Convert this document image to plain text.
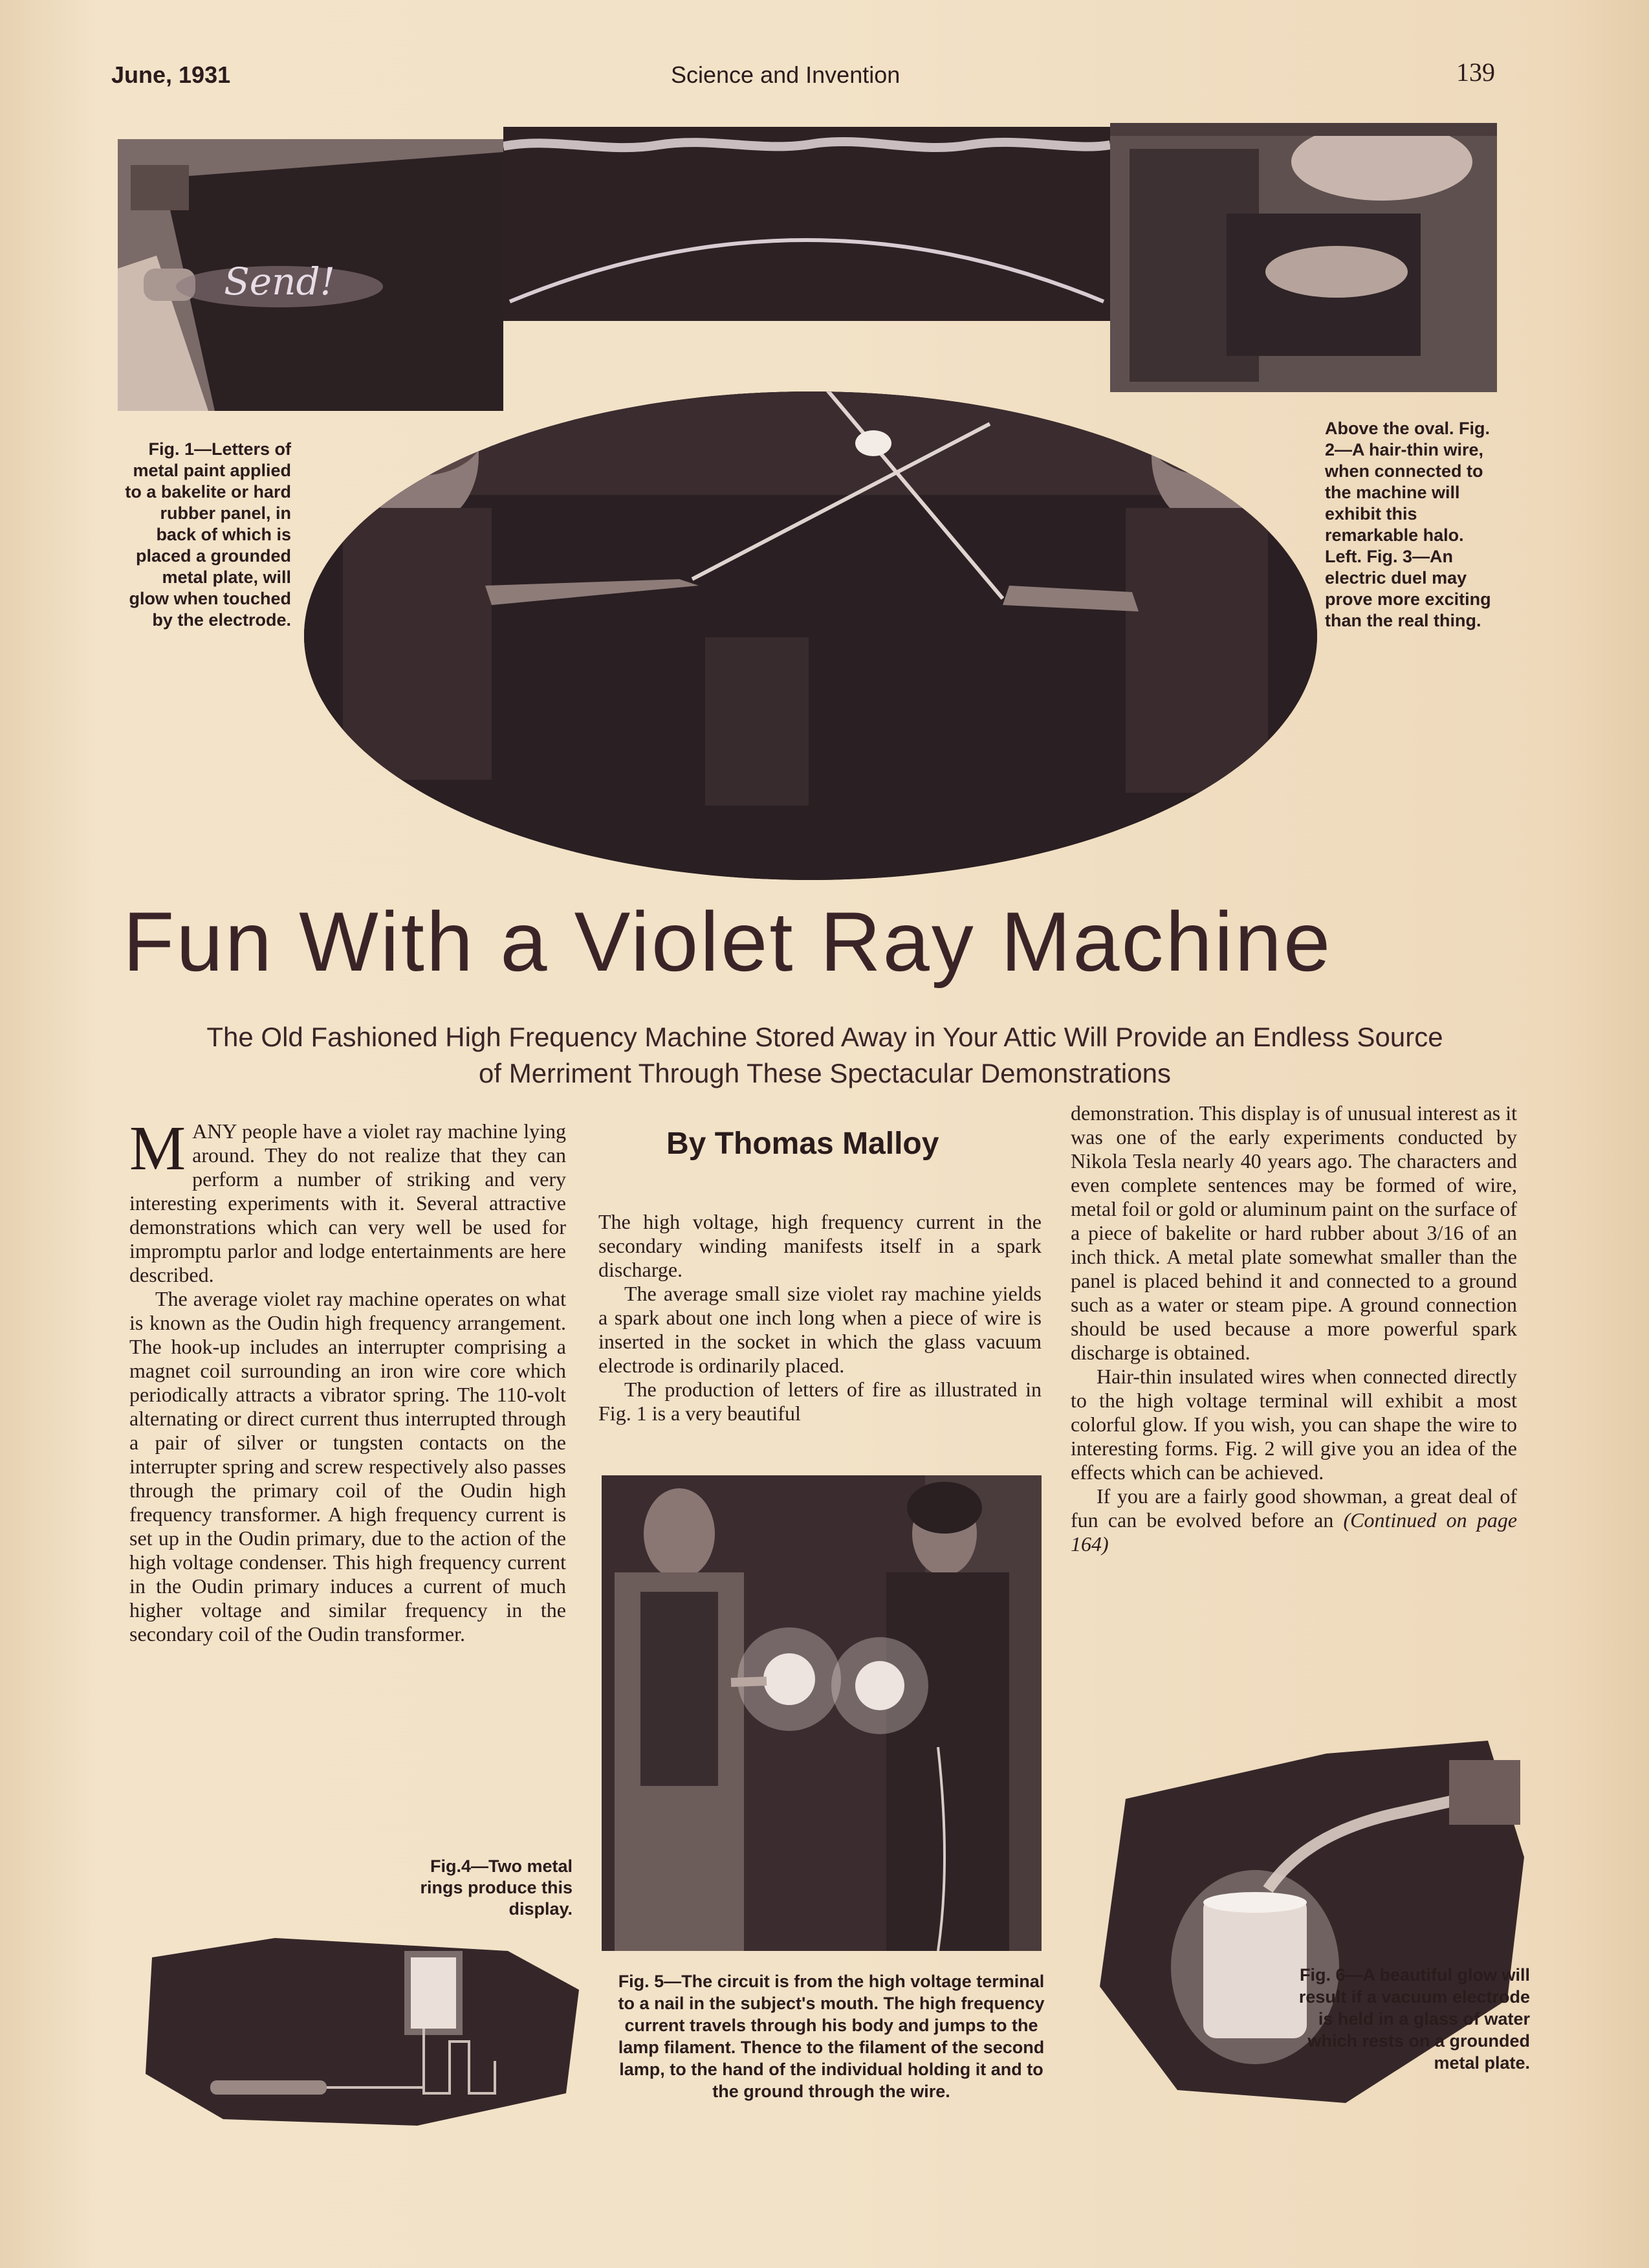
June, 1931	Science and Invention	139
Send!
Fig. 1—Letters of metal paint applied to a bakelite or hard rubber panel, in back of which is placed a grounded metal plate, will glow when touched by the electrode.
Above the oval. Fig. 2—A hair-thin wire, when connected to the machine will exhibit this remarkable halo. Left. Fig. 3—An electric duel may prove more exciting than the real thing.
Fun With a Violet Ray Machine
The Old Fashioned High Frequency Machine Stored Away in Your Attic Will Provide an Endless Source of Merriment Through These Spectacular Demonstrations
By Thomas Malloy

MANY people have a violet ray machine lying around. They do not realize that they can perform a number of striking and very interesting experiments with it. Several attractive demonstrations which can very well be used for impromptu parlor and lodge entertainments are here described.

The average violet ray machine operates on what is known as the Oudin high frequency arrangement. The hook-up includes an interrupter comprising a magnet coil surrounding an iron wire core which periodically attracts a vibrator spring. The 110-volt alternating or direct current thus interrupted through a pair of silver or tungsten contacts on the interrupter spring and screw respectively also passes through the primary coil of the Oudin high frequency transformer. A high frequency current is set up in the Oudin primary, due to the action of the high voltage condenser. This high frequency current in the Oudin primary induces a current of much higher voltage and similar frequency in the secondary coil of the Oudin transformer.

The high voltage, high frequency current in the secondary winding manifests itself in a spark discharge.

The average small size violet ray machine yields a spark about one inch long when a piece of wire is inserted in the socket in which the glass vacuum electrode is ordinarily placed.

The production of letters of fire as illustrated in Fig. 1 is a very beautiful

demonstration. This display is of unusual interest as it was one of the early experiments conducted by Nikola Tesla nearly 40 years ago. The characters and even complete sentences may be formed of wire, metal foil or gold or aluminum paint on the surface of a piece of bakelite or hard rubber about 3/16 of an inch thick. A metal plate somewhat smaller than the panel is placed behind it and connected to a ground such as a water or steam pipe. A ground connection should be used because a more powerful spark discharge is obtained.

Hair-thin insulated wires when connected directly to the high voltage terminal will exhibit a most colorful glow. If you wish, you can shape the wire to interesting forms. Fig. 2 will give you an idea of the effects which can be achieved.

If you are a fairly good showman, a great deal of fun can be evolved before an (Continued on page 164)

Fig. 5—The circuit is from the high voltage terminal to a nail in the subject's mouth. The high frequency current travels through his body and jumps to the lamp filament. Thence to the filament of the second lamp, to the hand of the individual holding it and to the ground through the wire.
Fig.4—Two metal rings produce this display.
Fig. 6—A beautiful glow will result if a vacuum electrode is held in a glass of water which rests on a grounded metal plate.
